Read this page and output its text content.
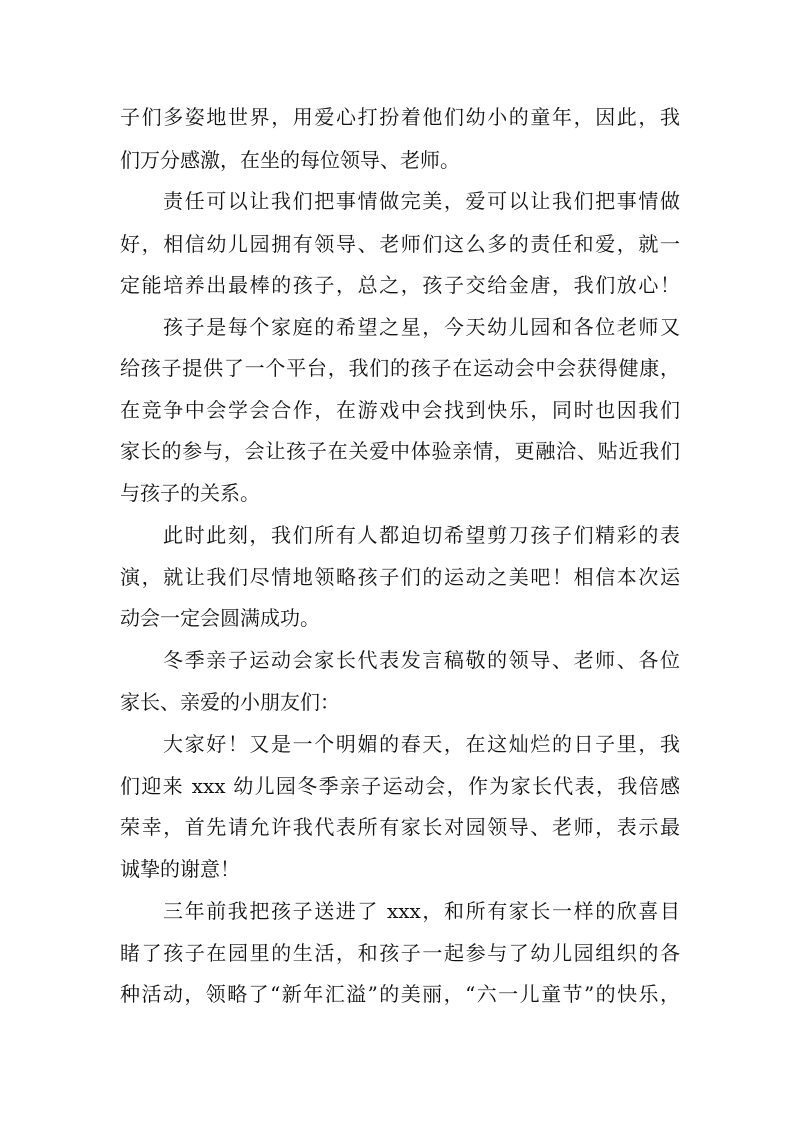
子们多姿地世界，用爱心打扮着他们幼小的童年，因此，我
们万分感激，在坐的每位领导、老师。
责任可以让我们把事情做完美，爱可以让我们把事情做
好，相信幼儿园拥有领导、老师们这么多的责任和爱，就一
定能培养出最棒的孩子，总之，孩子交给金唐，我们放心！
孩子是每个家庭的希望之星，今天幼儿园和各位老师又
给孩子提供了一个平台，我们的孩子在运动会中会获得健康，
在竞争中会学会合作，在游戏中会找到快乐，同时也因我们
家长的参与，会让孩子在关爱中体验亲情，更融洽、贴近我们
与孩子的关系。
此时此刻，我们所有人都迫切希望剪刀孩子们精彩的表
演，就让我们尽情地领略孩子们的运动之美吧！相信本次运
动会一定会圆满成功。
冬季亲子运动会家长代表发言稿敬的领导、老师、各位
家长、亲爱的小朋友们：
大家好！又是一个明媚的春天，在这灿烂的日子里，我
们迎来 xxx 幼儿园冬季亲子运动会，作为家长代表，我倍感
荣幸，首先请允许我代表所有家长对园领导、老师，表示最
诚挚的谢意！
三年前我把孩子送进了 xxx，和所有家长一样的欣喜目
睹了孩子在园里的生活，和孩子一起参与了幼儿园组织的各
种活动，领略了“新年汇溢”的美丽，“六一儿童节”的快乐，
